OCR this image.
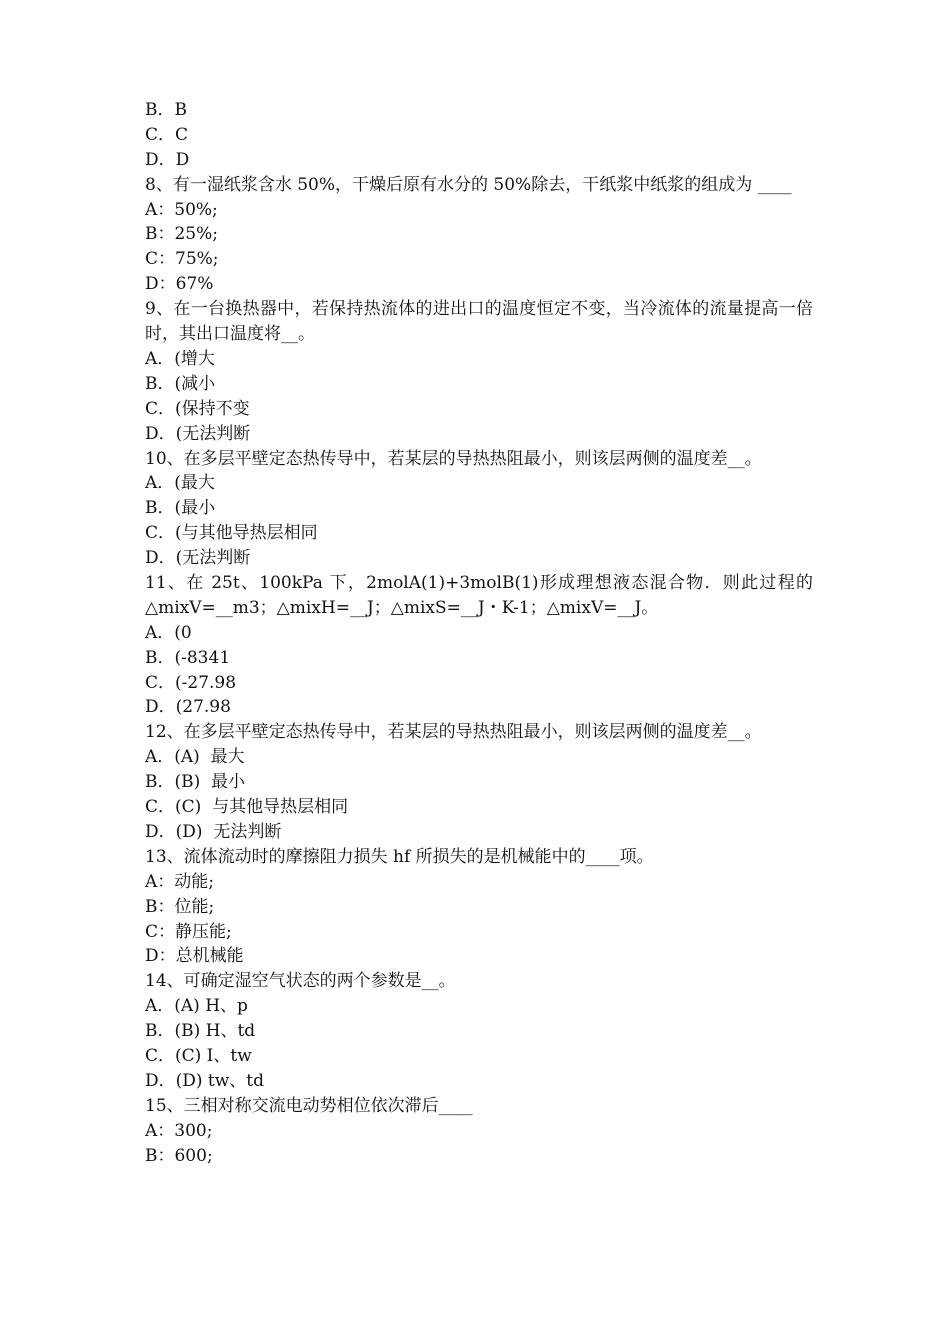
B．B
C．C
D．D
8、有一湿纸浆含水 50%，干燥后原有水分的 50%除去，干纸浆中纸浆的组成为 ____
A：50%;
B：25%;
C：75%;
D：67%
9、在一台换热器中，若保持热流体的进出口的温度恒定不变，当冷流体的流量提高一倍时，其出口温度将__。
A．(增大
B．(减小
C．(保持不变
D．(无法判断
10、在多层平壁定态热传导中，若某层的导热热阻最小，则该层两侧的温度差__。
A．(最大
B．(最小
C．(与其他导热层相同
D．(无法判断
11、在 25t、100kPa 下，2molA(1)+3molB(1)形成理想液态混合物．则此过程的△mixV=__m3；△mixH=__J；△mixS=__J・K-1；△mixV=__J。
A．(0
B．(-8341
C．(-27.98
D．(27.98
12、在多层平壁定态热传导中，若某层的导热热阻最小，则该层两侧的温度差__。
A．(A)  最大
B．(B)  最小
C．(C)  与其他导热层相同
D．(D)  无法判断
13、流体流动时的摩擦阻力损失 hf 所损失的是机械能中的____项。
A：动能;
B：位能;
C：静压能;
D：总机械能
14、可确定湿空气状态的两个参数是__。
A．(A) H、p
B．(B) H、td
C．(C) I、tw
D．(D) tw、td
15、三相对称交流电动势相位依次滞后____
A：300;
B：600;
